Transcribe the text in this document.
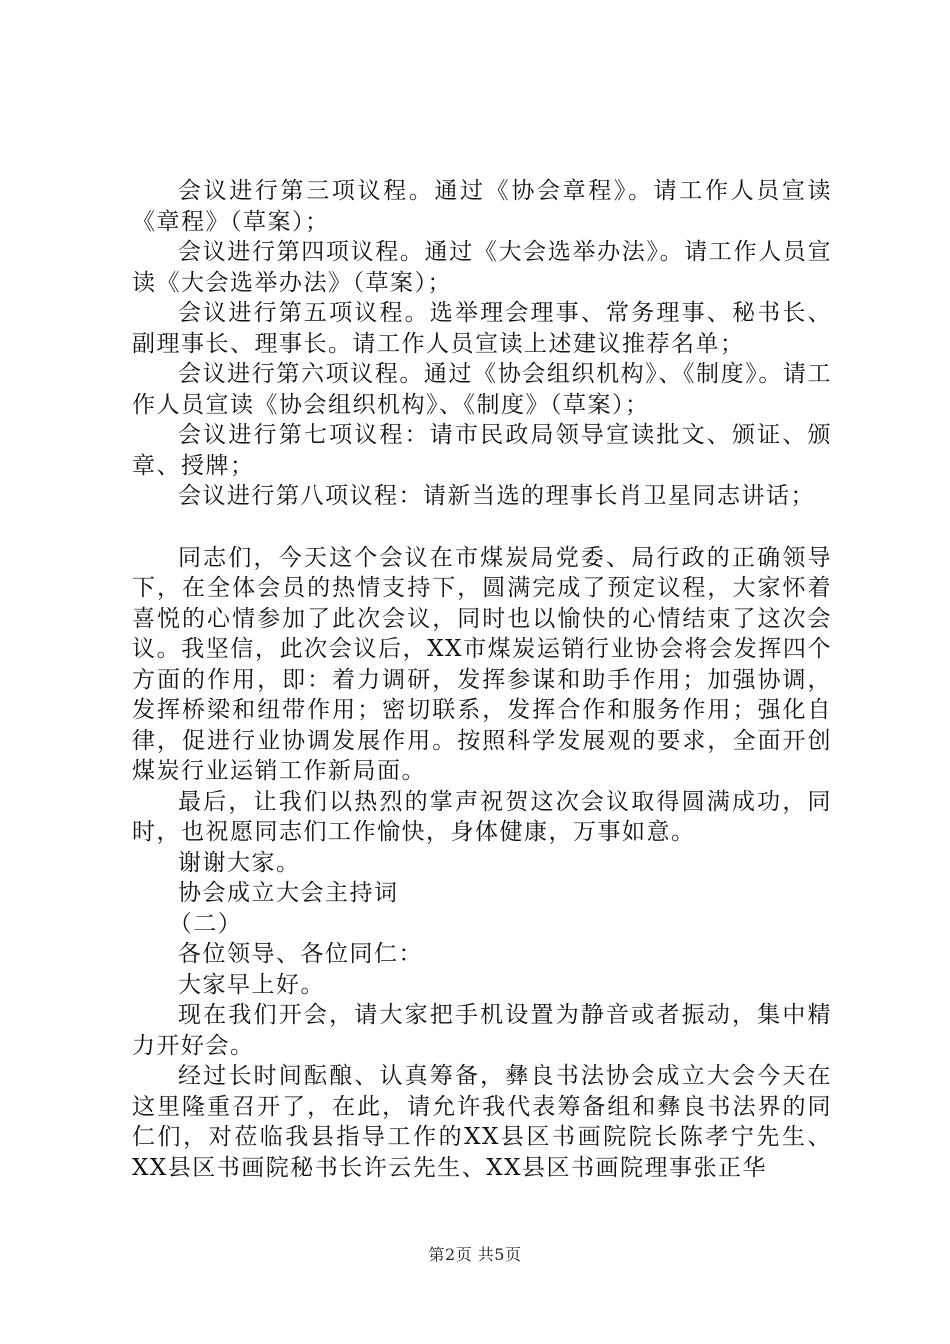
会议进行第三项议程。通过《协会章程》。请工作人员宣读《章程》（草案）；

会议进行第四项议程。通过《大会选举办法》。请工作人员宣读《大会选举办法》（草案）；

会议进行第五项议程。选举理会理事、常务理事、秘书长、副理事长、理事长。请工作人员宣读上述建议推荐名单；

会议进行第六项议程。通过《协会组织机构》、《制度》。请工作人员宣读《协会组织机构》、《制度》（草案）；

会议进行第七项议程：请市民政局领导宣读批文、颁证、颁章、授牌；

会议进行第八项议程：请新当选的理事长肖卫星同志讲话；

同志们，今天这个会议在市煤炭局党委、局行政的正确领导下，在全体会员的热情支持下，圆满完成了预定议程，大家怀着喜悦的心情参加了此次会议，同时也以愉快的心情结束了这次会议。我坚信，此次会议后，XX市煤炭运销行业协会将会发挥四个方面的作用，即：着力调研，发挥参谋和助手作用；加强协调，发挥桥梁和纽带作用；密切联系，发挥合作和服务作用；强化自律，促进行业协调发展作用。按照科学发展观的要求，全面开创煤炭行业运销工作新局面。

最后，让我们以热烈的掌声祝贺这次会议取得圆满成功，同时，也祝愿同志们工作愉快，身体健康，万事如意。

谢谢大家。

协会成立大会主持词

（二）

各位领导、各位同仁：

大家早上好。

现在我们开会，请大家把手机设置为静音或者振动，集中精力开好会。

经过长时间酝酿、认真筹备，彝良书法协会成立大会今天在这里隆重召开了，在此，请允许我代表筹备组和彝良书法界的同仁们，对莅临我县指导工作的XX县区书画院院长陈孝宁先生、XX县区书画院秘书长许云先生、XX县区书画院理事张正华

第2页 共5页
